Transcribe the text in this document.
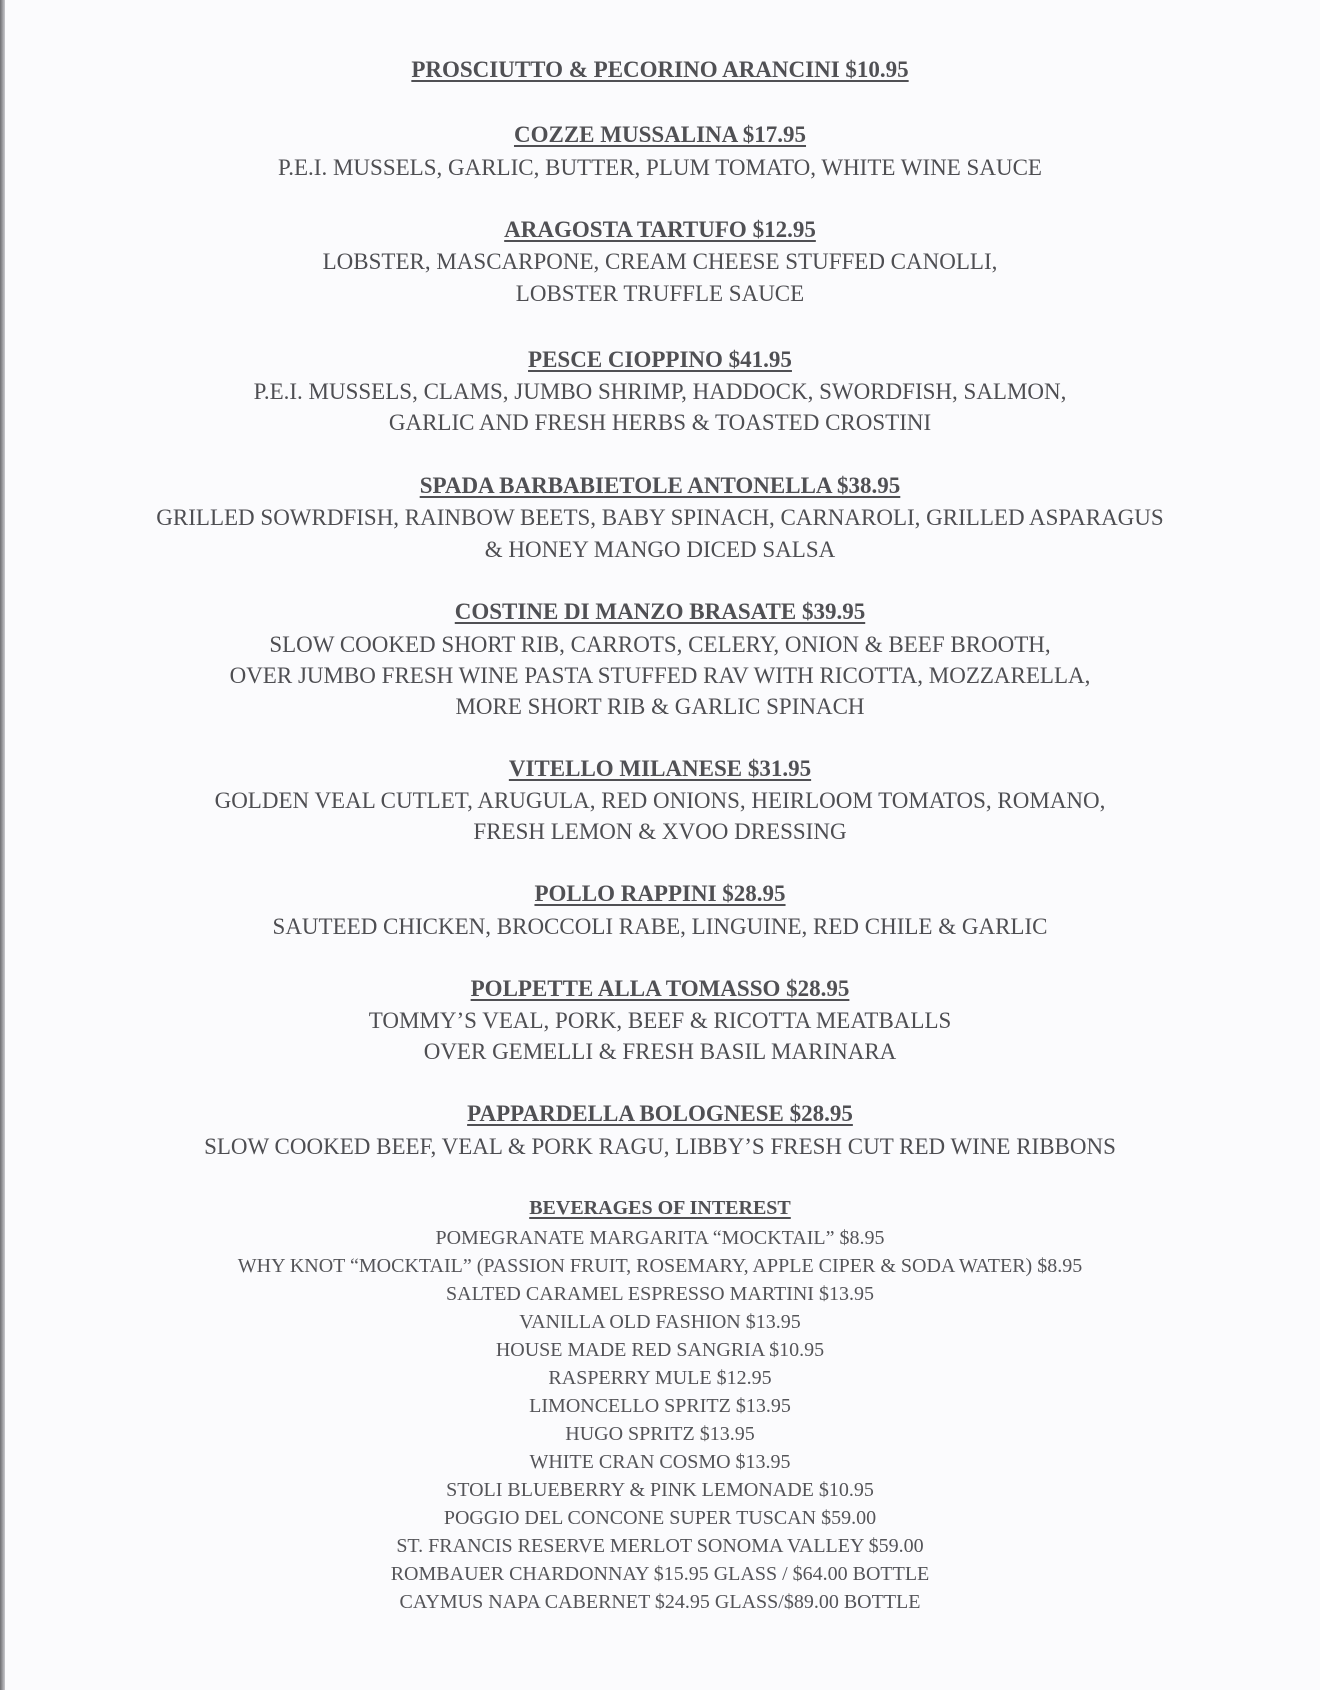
PROSCIUTTO & PECORINO ARANCINI $10.95
COZZE MUSSALINA $17.95
P.E.I. MUSSELS, GARLIC, BUTTER, PLUM TOMATO, WHITE WINE SAUCE
ARAGOSTA TARTUFO $12.95
LOBSTER, MASCARPONE, CREAM CHEESE STUFFED CANOLLI,
LOBSTER TRUFFLE SAUCE
PESCE CIOPPINO $41.95
P.E.I. MUSSELS, CLAMS, JUMBO SHRIMP, HADDOCK, SWORDFISH, SALMON,
GARLIC AND FRESH HERBS & TOASTED CROSTINI
SPADA BARBABIETOLE ANTONELLA $38.95
GRILLED SOWRDFISH, RAINBOW BEETS, BABY SPINACH, CARNAROLI, GRILLED ASPARAGUS
& HONEY MANGO DICED SALSA
COSTINE DI MANZO BRASATE $39.95
SLOW COOKED SHORT RIB, CARROTS, CELERY, ONION & BEEF BROOTH,
OVER JUMBO FRESH WINE PASTA STUFFED RAV WITH RICOTTA, MOZZARELLA,
MORE SHORT RIB & GARLIC SPINACH
VITELLO MILANESE $31.95
GOLDEN VEAL CUTLET, ARUGULA, RED ONIONS, HEIRLOOM TOMATOS, ROMANO,
FRESH LEMON & XVOO DRESSING
POLLO RAPPINI $28.95
SAUTEED CHICKEN, BROCCOLI RABE, LINGUINE, RED CHILE & GARLIC
POLPETTE ALLA TOMASSO $28.95
TOMMY’S VEAL, PORK, BEEF & RICOTTA MEATBALLS
OVER GEMELLI & FRESH BASIL MARINARA
PAPPARDELLA BOLOGNESE $28.95
SLOW COOKED BEEF, VEAL & PORK RAGU, LIBBY’S FRESH CUT RED WINE RIBBONS
BEVERAGES OF INTEREST
POMEGRANATE MARGARITA “MOCKTAIL” $8.95
WHY KNOT “MOCKTAIL” (PASSION FRUIT, ROSEMARY, APPLE CIPER & SODA WATER) $8.95
SALTED CARAMEL ESPRESSO MARTINI $13.95
VANILLA OLD FASHION $13.95
HOUSE MADE RED SANGRIA $10.95
RASPERRY MULE $12.95
LIMONCELLO SPRITZ $13.95
HUGO SPRITZ $13.95
WHITE CRAN COSMO $13.95
STOLI BLUEBERRY & PINK LEMONADE $10.95
POGGIO DEL CONCONE SUPER TUSCAN $59.00
ST. FRANCIS RESERVE MERLOT SONOMA VALLEY $59.00
ROMBAUER CHARDONNAY $15.95 GLASS / $64.00 BOTTLE
CAYMUS NAPA CABERNET $24.95 GLASS/$89.00 BOTTLE
